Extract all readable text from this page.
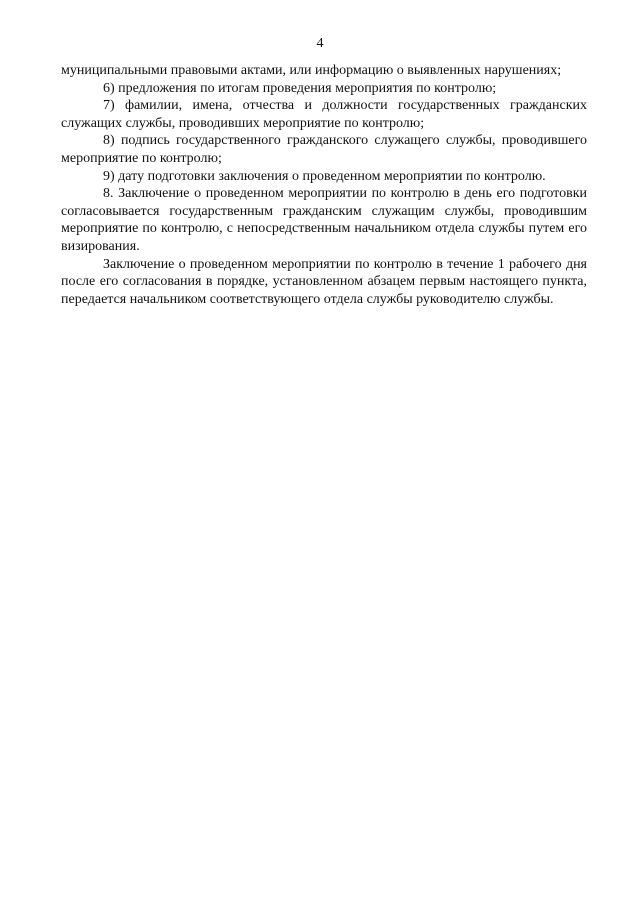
4

муниципальными правовыми актами, или информацию о выявленных нарушениях;

6) предложения по итогам проведения мероприятия по контролю;

7) фамилии, имена, отчества и должности государственных гражданских служащих службы, проводивших мероприятие по контролю;

8) подпись государственного гражданского служащего службы, проводившего мероприятие по контролю;

9) дату подготовки заключения о проведенном мероприятии по контролю.

8. Заключение о проведенном мероприятии по контролю в день его подготовки согласовывается государственным гражданским служащим службы, проводившим мероприятие по контролю, с непосредственным начальником отдела службы путем его визирования.

Заключение о проведенном мероприятии по контролю в течение 1 рабочего дня после его согласования в порядке, установленном абзацем первым настоящего пункта, передается начальником соответствующего отдела службы руководителю службы.
